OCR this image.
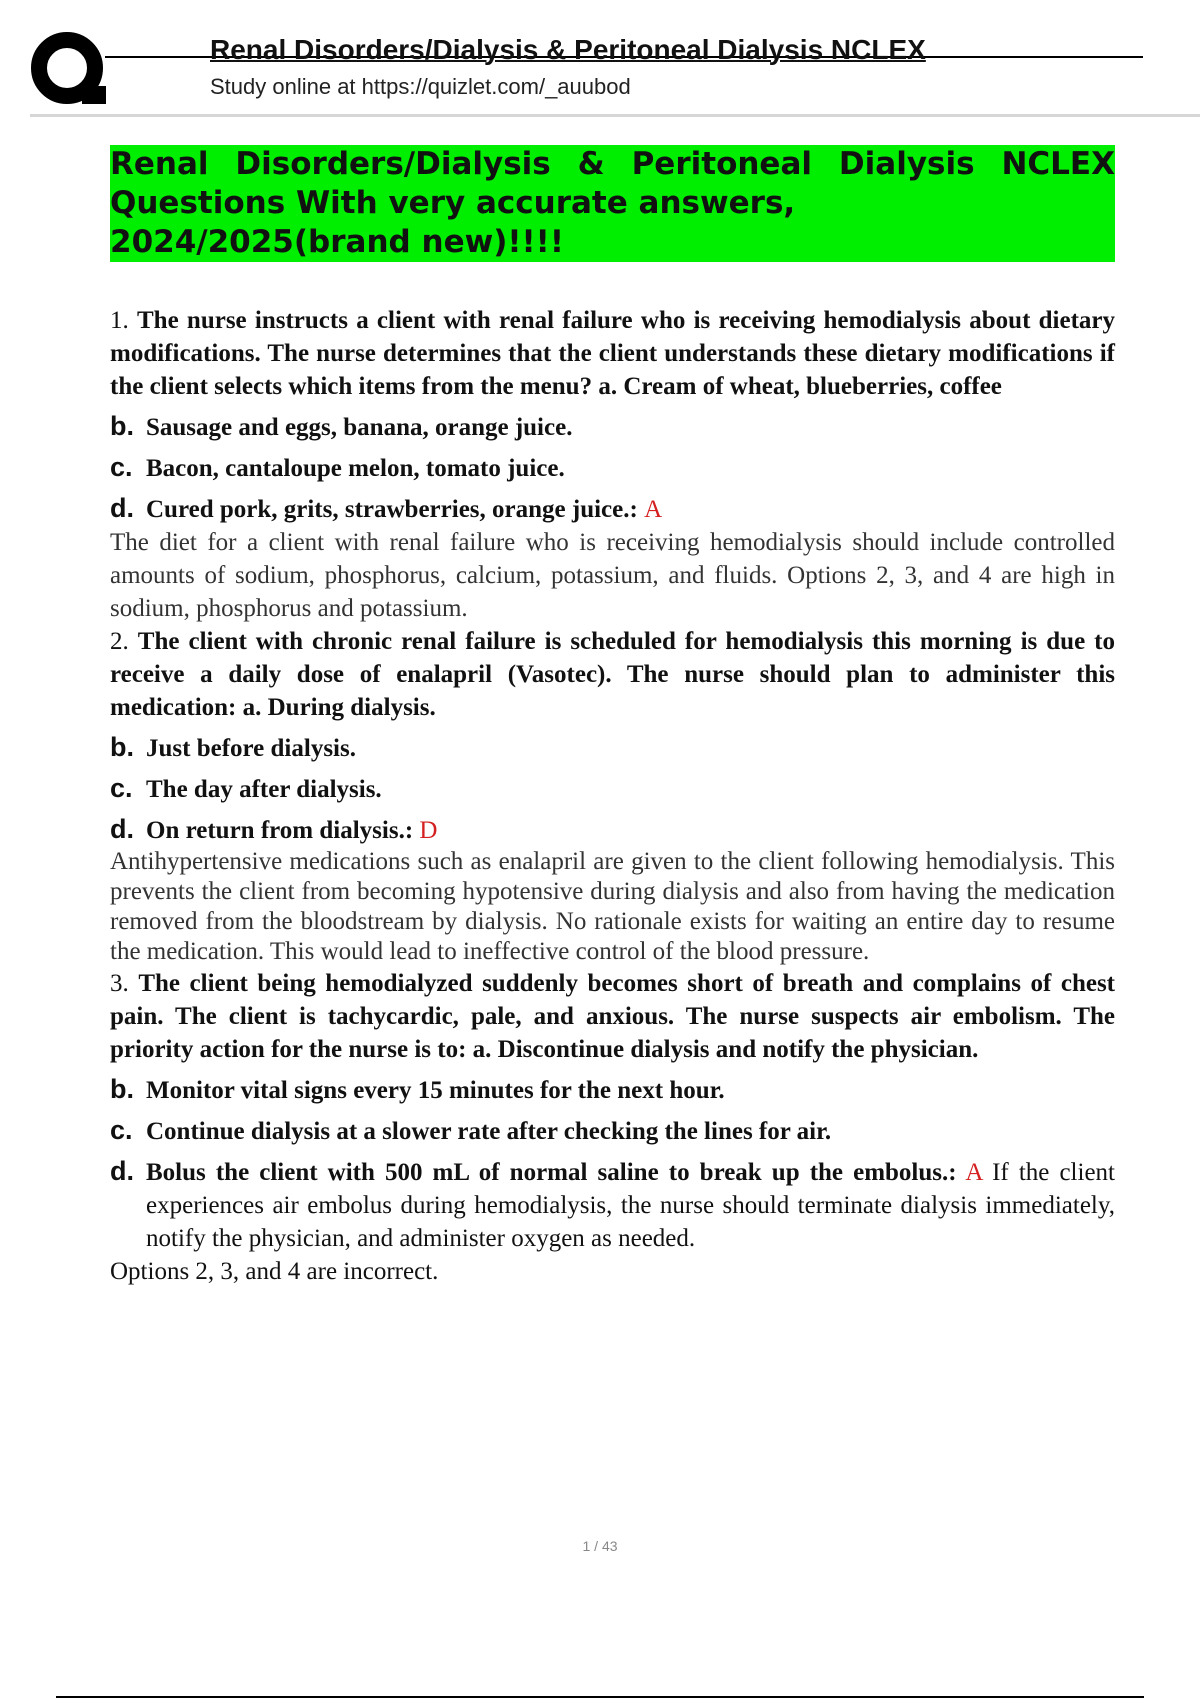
Renal Disorders/Dialysis & Peritoneal Dialysis NCLEX
Study online at https://quizlet.com/_auubod
Renal Disorders/Dialysis & Peritoneal Dialysis NCLEX Questions With very accurate answers,
2024/2025(brand new)!!!!
1. The nurse instructs a client with renal failure who is receiving hemodialysis about dietary modifications. The nurse determines that the client understands these dietary modifications if the client selects which items from the menu? a. Cream of wheat, blueberries, coffee
b. Sausage and eggs, banana, orange juice.
c. Bacon, cantaloupe melon, tomato juice.
d. Cured pork, grits, strawberries, orange juice.: A
The diet for a client with renal failure who is receiving hemodialysis should include controlled amounts of sodium, phosphorus, calcium, potassium, and fluids. Options 2, 3, and 4 are high in sodium, phosphorus and potassium.
2. The client with chronic renal failure is scheduled for hemodialysis this morning is due to receive a daily dose of enalapril (Vasotec). The nurse should plan to administer this medication: a. During dialysis.
b. Just before dialysis.
c. The day after dialysis.
d. On return from dialysis.: D
Antihypertensive medications such as enalapril are given to the client following hemodialysis. This prevents the client from becoming hypotensive during dialysis and also from having the medication removed from the bloodstream by dialysis. No rationale exists for waiting an entire day to resume the medication. This would lead to ineffective control of the blood pressure.
3. The client being hemodialyzed suddenly becomes short of breath and complains of chest pain. The client is tachycardic, pale, and anxious. The nurse suspects air embolism. The priority action for the nurse is to: a. Discontinue dialysis and notify the physician.
b. Monitor vital signs every 15 minutes for the next hour.
c. Continue dialysis at a slower rate after checking the lines for air.
d. Bolus the client with 500 mL of normal saline to break up the embolus.: A If the client experiences air embolus during hemodialysis, the nurse should terminate dialysis immediately, notify the physician, and administer oxygen as needed.
Options 2, 3, and 4 are incorrect.
1 / 43
